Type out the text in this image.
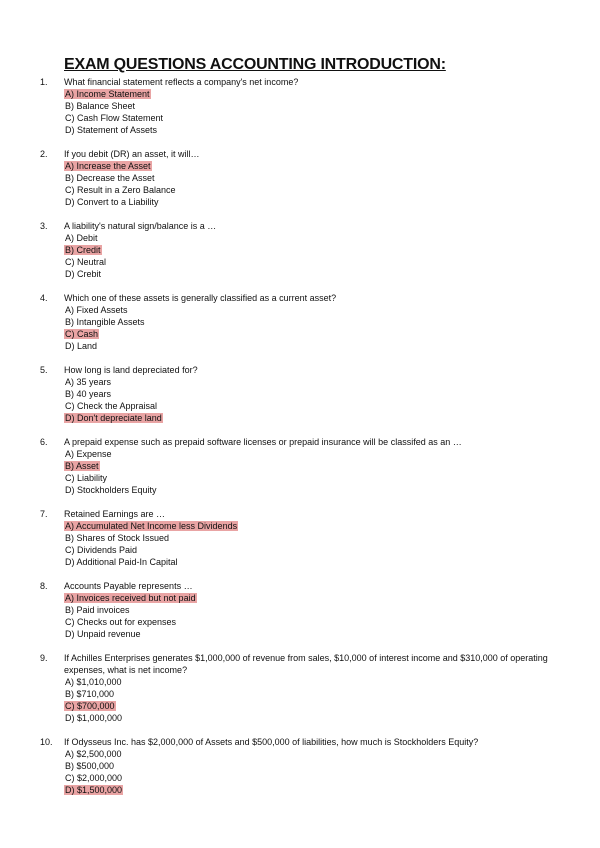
EXAM QUESTIONS ACCOUNTING INTRODUCTION:
1. What financial statement reflects a company's net income?
A) Income Statement
B) Balance Sheet
C) Cash Flow Statement
D) Statement of Assets
2. If you debit (DR) an asset, it will…
A) Increase the Asset
B) Decrease the Asset
C) Result in a Zero Balance
D) Convert to a Liability
3. A liability's natural sign/balance is a …
A) Debit
B) Credit
C) Neutral
D) Crebit
4. Which one of these assets is generally classified as a current asset?
A) Fixed Assets
B) Intangible Assets
C) Cash
D) Land
5. How long is land depreciated for?
A) 35 years
B) 40 years
C) Check the Appraisal
D) Don't depreciate land
6. A prepaid expense such as prepaid software licenses or prepaid insurance will be classifed as an …
A) Expense
B) Asset
C) Liability
D) Stockholders Equity
7. Retained Earnings are …
A) Accumulated Net Income less Dividends
B) Shares of Stock Issued
C) Dividends Paid
D) Additional Paid-In Capital
8. Accounts Payable represents …
A) Invoices received but not paid
B) Paid invoices
C) Checks out for expenses
D) Unpaid revenue
9. If Achilles Enterprises generates $1,000,000 of revenue from sales, $10,000 of interest income and $310,000 of operating expenses, what is net income?
A) $1,010,000
B) $710,000
C) $700,000
D) $1,000,000
10. If Odysseus Inc. has $2,000,000 of Assets and $500,000 of liabilities, how much is Stockholders Equity?
A) $2,500,000
B) $500,000
C) $2,000,000
D) $1,500,000
